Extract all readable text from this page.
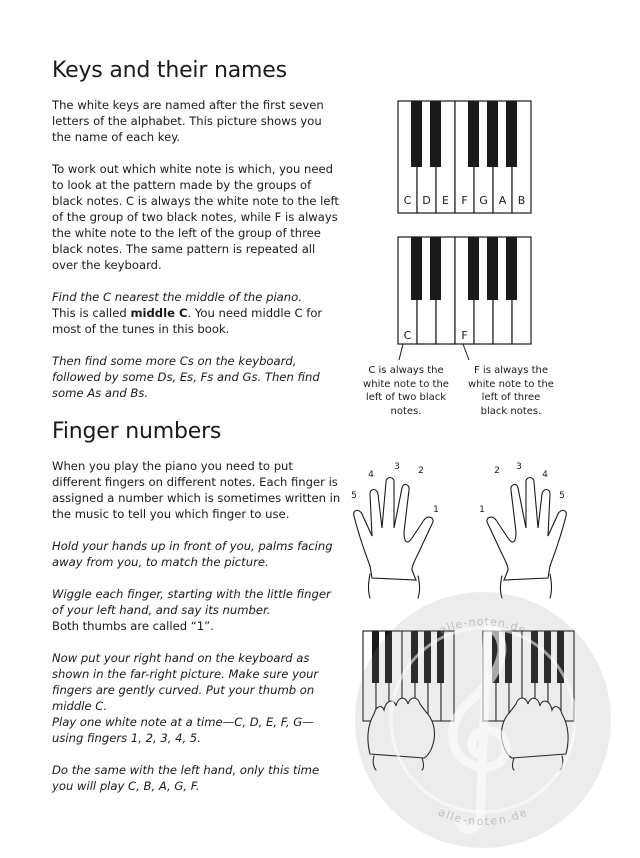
Keys and their names

The white keys are named after the first seven letters of the alphabet. This picture shows you the name of each key.

To work out which white note is which, you need to look at the pattern made by the groups of black notes. C is always the white note to the left of the group of two black notes, while F is always the white note to the left of the group of three black notes. The same pattern is repeated all over the keyboard.

Find the C nearest the middle of the piano.
This is called middle C. You need middle C for most of the tunes in this book.

Then find some more Cs on the keyboard, followed by some Ds, Es, Fs and Gs. Then find some As and Bs.

C D E F G A B
C	F

C is always the white note to the left of two black notes.

F is always the white note to the left of three black notes.

Finger numbers

When you play the piano you need to put different fingers on different notes. Each finger is assigned a number which is sometimes written in the music to tell you which finger to use.

Hold your hands up in front of you, palms facing away from you, to match the picture.

Wiggle each finger, starting with the little finger of your left hand, and say its number.
Both thumbs are called “1”.

Now put your right hand on the keyboard as shown in the far-right picture. Make sure your fingers are gently curved. Put your thumb on middle C.

Play one white note at a time—C, D, E, F, G—using fingers 1, 2, 3, 4, 5.

Do the same with the left hand, only this time you will play C, B, A, G, F.

5
4
3 2
1	1
2 3
4
5
alle-noten.de
alle-noten.de
